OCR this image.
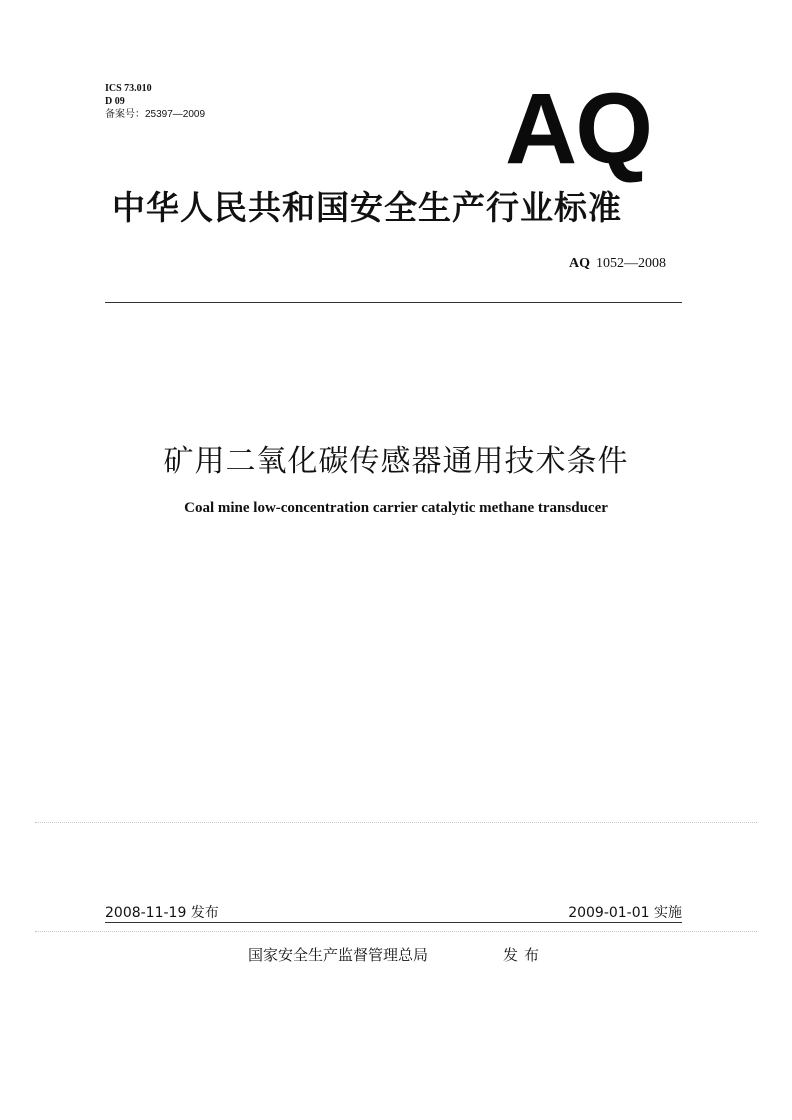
ICS 73.010
D 09
备案号：25397—2009	AQ
中华人民共和国安全生产行业标准
AQ 1052—2008
矿用二氧化碳传感器通用技术条件
Coal mine low-concentration carrier catalytic methane transducer
2008-11-19 发布	2009-01-01 实施
国家安全生产监督管理总局	发布
